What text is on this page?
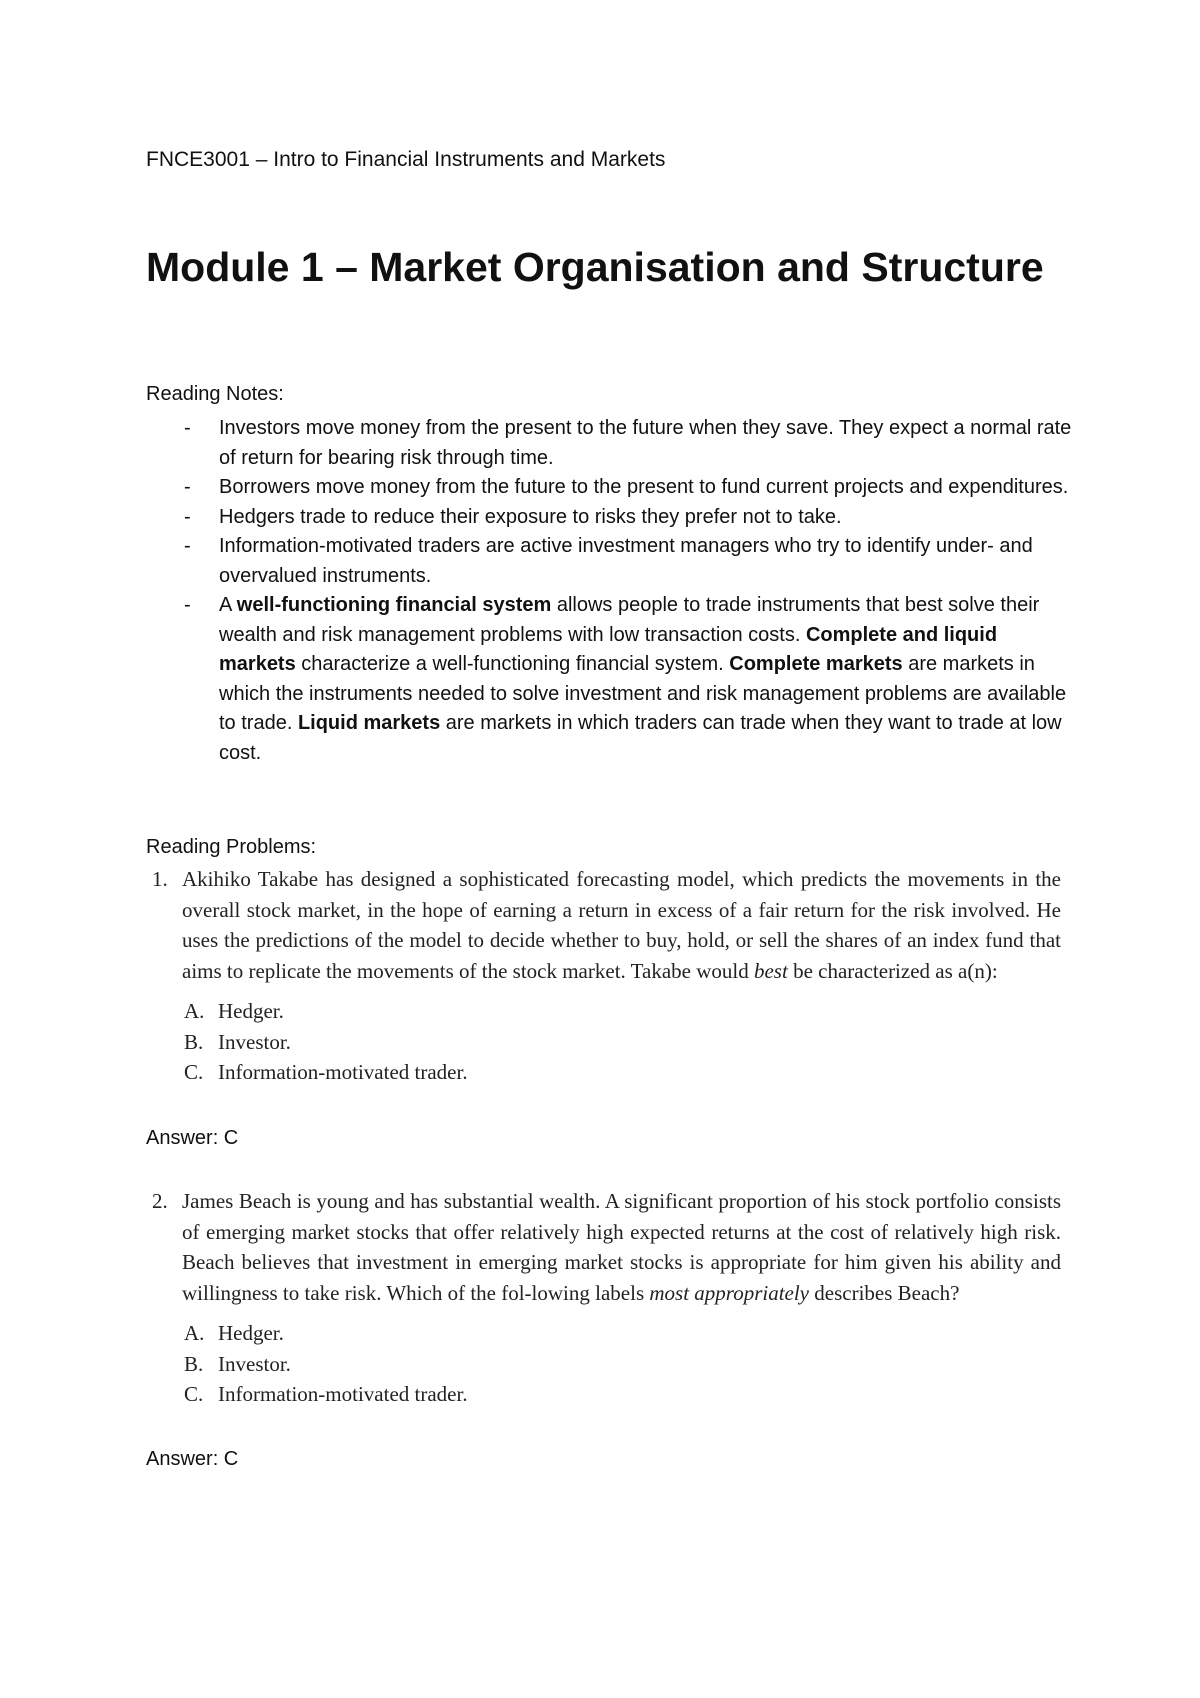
FNCE3001 – Intro to Financial Instruments and Markets
Module 1 – Market Organisation and Structure
Reading Notes:
- Investors move money from the present to the future when they save. They expect a normal rate of return for bearing risk through time.
- Borrowers move money from the future to the present to fund current projects and expenditures.
- Hedgers trade to reduce their exposure to risks they prefer not to take.
- Information-motivated traders are active investment managers who try to identify under- and overvalued instruments.
- A well-functioning financial system allows people to trade instruments that best solve their wealth and risk management problems with low transaction costs. Complete and liquid markets characterize a well-functioning financial system. Complete markets are markets in which the instruments needed to solve investment and risk management problems are available to trade. Liquid markets are markets in which traders can trade when they want to trade at low cost.
Reading Problems:
1. Akihiko Takabe has designed a sophisticated forecasting model, which predicts the movements in the overall stock market, in the hope of earning a return in excess of a fair return for the risk involved. He uses the predictions of the model to decide whether to buy, hold, or sell the shares of an index fund that aims to replicate the movements of the stock market. Takabe would best be characterized as a(n):
A. Hedger.
B. Investor.
C. Information-motivated trader.
Answer: C
2. James Beach is young and has substantial wealth. A significant proportion of his stock portfolio consists of emerging market stocks that offer relatively high expected returns at the cost of relatively high risk. Beach believes that investment in emerging market stocks is appropriate for him given his ability and willingness to take risk. Which of the fol-lowing labels most appropriately describes Beach?
A. Hedger.
B. Investor.
C. Information-motivated trader.
Answer: C
